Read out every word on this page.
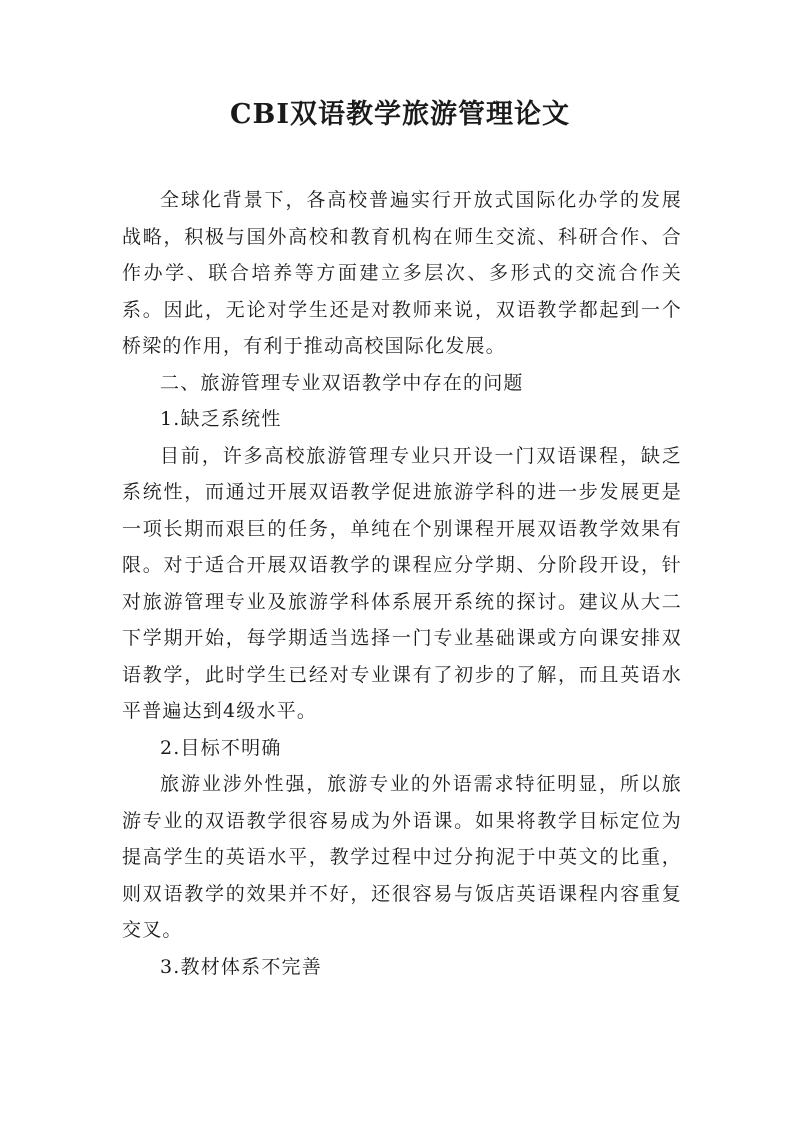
CBI双语教学旅游管理论文

全球化背景下，各高校普遍实行开放式国际化办学的发展战略，积极与国外高校和教育机构在师生交流、科研合作、合作办学、联合培养等方面建立多层次、多形式的交流合作关系。因此，无论对学生还是对教师来说，双语教学都起到一个桥梁的作用，有利于推动高校国际化发展。

二、旅游管理专业双语教学中存在的问题

1.缺乏系统性

目前，许多高校旅游管理专业只开设一门双语课程，缺乏系统性，而通过开展双语教学促进旅游学科的进一步发展更是一项长期而艰巨的任务，单纯在个别课程开展双语教学效果有限。对于适合开展双语教学的课程应分学期、分阶段开设，针对旅游管理专业及旅游学科体系展开系统的探讨。建议从大二下学期开始，每学期适当选择一门专业基础课或方向课安排双语教学，此时学生已经对专业课有了初步的了解，而且英语水平普遍达到4级水平。

2.目标不明确

旅游业涉外性强，旅游专业的外语需求特征明显，所以旅游专业的双语教学很容易成为外语课。如果将教学目标定位为提高学生的英语水平，教学过程中过分拘泥于中英文的比重，则双语教学的效果并不好，还很容易与饭店英语课程内容重复交叉。

3.教材体系不完善
